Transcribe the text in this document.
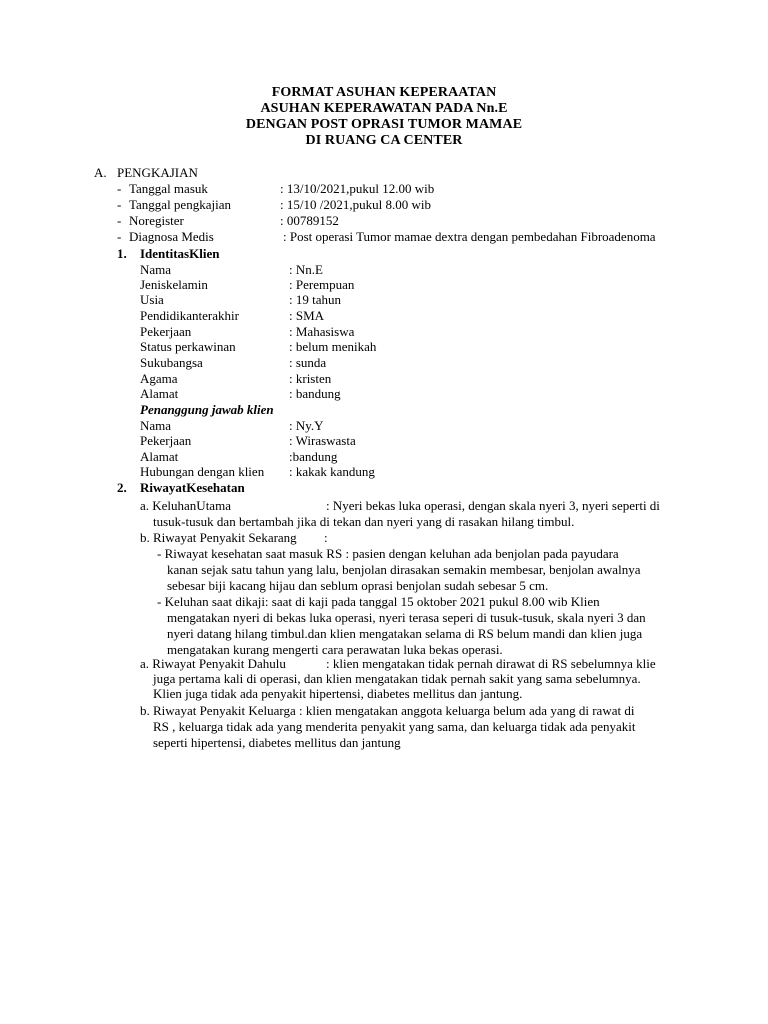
FORMAT ASUHAN KEPERAATAN
ASUHAN KEPERAWATAN PADA Nn.E
DENGAN POST OPRASI TUMOR MAMAE
DI RUANG CA CENTER
A. PENGKAJIAN
- Tanggal masuk	: 13/10/2021,pukul 12.00 wib
- Tanggal pengkajian	: 15/10 /2021,pukul 8.00 wib
- Noregister	: 00789152
- Diagnosa Medis	: Post operasi Tumor mamae dextra dengan pembedahan Fibroadenoma
1. IdentitasKlien
Nama	: Nn.E
Jeniskelamin	: Perempuan
Usia	: 19 tahun
Pendidikanterakhir	: SMA
Pekerjaan	: Mahasiswa
Status perkawinan	: belum menikah
Sukubangsa	: sunda
Agama	: kristen
Alamat	: bandung
Penanggung jawab klien
Nama	: Ny.Y
Pekerjaan	: Wiraswasta
Alamat	:bandung
Hubungan dengan klien : kakak kandung
2. RiwayatKesehatan
a. KeluhanUtama	: Nyeri bekas luka operasi, dengan skala nyeri 3, nyeri seperti di
tusuk-tusuk dan bertambah jika di tekan dan nyeri yang di rasakan hilang timbul.
b. Riwayat Penyakit Sekarang :
- Riwayat kesehatan saat masuk RS : pasien dengan keluhan ada benjolan pada payudara
kanan sejak satu tahun yang lalu, benjolan dirasakan semakin membesar, benjolan awalnya
sebesar biji kacang hijau dan seblum oprasi benjolan sudah sebesar 5 cm.
- Keluhan saat dikaji: saat di kaji pada tanggal 15 oktober 2021 pukul 8.00 wib Klien
mengatakan nyeri di bekas luka operasi, nyeri terasa seperi di tusuk-tusuk, skala nyeri 3 dan
nyeri datang hilang timbul.dan klien mengatakan selama di RS belum mandi dan klien juga
mengatakan kurang mengerti cara perawatan luka bekas operasi.
a. Riwayat Penyakit Dahulu	: klien mengatakan tidak pernah dirawat di RS sebelumnya klie
juga pertama kali di operasi, dan klien mengatakan tidak pernah sakit yang sama sebelumnya.
Klien juga tidak ada penyakit hipertensi, diabetes mellitus dan jantung.
b. Riwayat Penyakit Keluarga : klien mengatakan anggota keluarga belum ada yang di rawat di
RS , keluarga tidak ada yang menderita penyakit yang sama, dan keluarga tidak ada penyakit
seperti hipertensi, diabetes mellitus dan jantung
